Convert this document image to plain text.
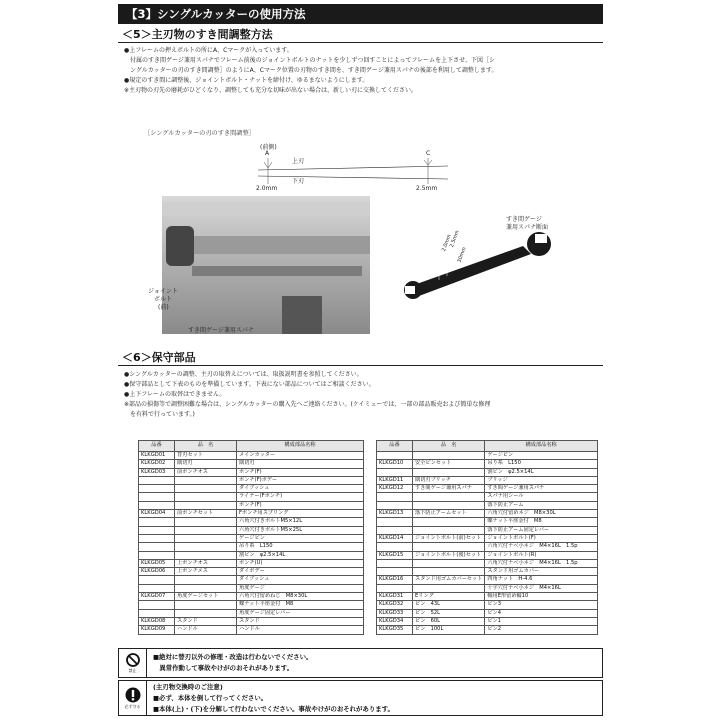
【3】シングルカッターの使用方法
＜5＞主刃物のすき間調整方法
●上フレームの押えボルトの所にA、Cマークが入っています。
　付属のすき間ゲージ兼用スパナでフレーム前後のジョイントボルトのナットを少しずつ回すことによってフレームを上下させ、下図［シ
　ングルカッターの刃のすき間調整］のようにA、Cマーク位置の刃物のすき間を、すき間ゲージ兼用スパナの後部を利用して調整します。
●規定のすき間に調整後、ジョイントボルト・ナットを締付け、ゆるまないようにします。
※主刃物の刃先の磨耗がひどくなり、調整しても充分な切味が出ない場合は、新しい刃に交換してください。
［シングルカッターの刃のすき間調整］
(前側)
A	C
上刃
下刃
2.0mm	2.5mm
ジョイント
ボルト
(前)
すき間ゲージ兼用スパナ
すき間ゲージ
兼用スパナ断面
2.0mm
2.5mm
30mm
＜6＞保守部品
●シングルカッターの調整、主刃の取替えについては、取扱説明書を参照してください。
●保守部品として下表のものを準備しています。下表にない部品についてはご相談ください。
●上下フレームの取替はできません。
※部品の損傷等で調整困難な場合は、シングルカッターの購入先へご連絡ください。(ケイミューでは、一部の部品販売および簡単な修理
　を有料で行っています。)
品番	品　名	構成部品名称
KLKGD01	替刃セット	メインカッター
KLKGD02	隅切刃	隅切刃
KLKGD03	前ポンチオス	ポンチ(F)
		ポンチ(F)ボデー
		ダイブッシュ
		ライナー(Fポンチ)
		ポンチ(F)
KLKGD04	前ポンチセット	Fポンチ用スプリング
		六角穴付きボルトM5×12L
		六角穴付きボルトM5×25L
		ゲージピン
		吊り糸　L150
		割ピン　φ2.5×14L
KLKGD05	上ポンチオス	ポンチ(U)
KLKGD06	上ポンチメス	ダイボデー
		ダイブッシュ
		角度ゲージ
KLKGD07	角度ゲージセット	六角穴付留めねじ　M8×30L
		蝶ナット平座金付　M8
		角度ゲージ固定レバー
KLKGD08	スタンド	スタンド
KLKGD09	ハンドル	ハンドル
品番	品　名	構成部品名称
		ゲージピン
KLKGD10	安全ピンセット	吊り糸　L150
		割ピン　φ2.5×14L
KLKGD11	隅切刃ブリッチ	ブリッジ
KLKGD12	すき間ゲージ兼用スパナ	すき間ゲージ兼用スパナ
		スパナ用シール
		落下防止アーム
KLKGD13	落下防止アームセット	六角穴付留めネジ　M8×30L
		蝶ナット平座金付　M8
		落下防止アーム固定レバー
KLKGD14	ジョイントボルト(前)セット	ジョイントボルト(F)
		六角穴付ナベ小ネジ　M4×16L　1.5p
KLKGD15	ジョイントボルト(後)セット	ジョイントボルト(R)
		六角穴付ナベ小ネジ　M4×16L　1.5p
		スタンド用ゴムカバー
KLKGD16	スタンド用ゴムカバーセット	四角ナット　H-4.6
		十字穴付ナベ小ネジ　M4×16L
KLKGD31	Eリング	軸用E形留め輪10
KLKGD32	ピン　43L	ピン3
KLKGD33	ピン　52L	ピン4
KLKGD34	ピン　60L	ピン1
KLKGD35	ピン　100L	ピン2
禁止
■絶対に替刃以外の修理・改造は行わないでください。
　異常作動して事故やけがのおそれがあります。
必ず守る
(主刃物交換時のご注意)
■必ず、本体を倒して行ってください。
■本体(上)・(下)を分解して行わないでください。事故やけがのおそれがあります。
